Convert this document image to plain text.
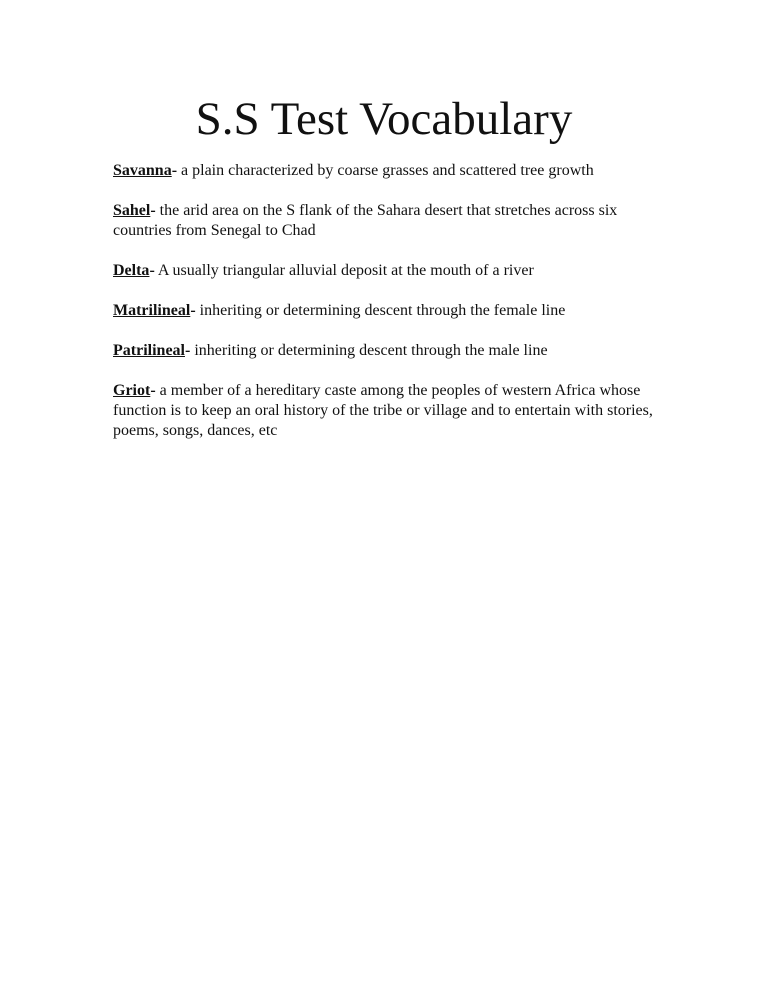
S.S Test Vocabulary

Savanna- a plain characterized by coarse grasses and scattered tree growth

Sahel- the arid area on the S flank of the Sahara desert that stretches across six countries from Senegal to Chad

Delta- A usually triangular alluvial deposit at the mouth of a river

Matrilineal- inheriting or determining descent through the female line

Patrilineal- inheriting or determining descent through the male line

Griot- a member of a hereditary caste among the peoples of western Africa whose function is to keep an oral history of the tribe or village and to entertain with stories, poems, songs, dances, etc
